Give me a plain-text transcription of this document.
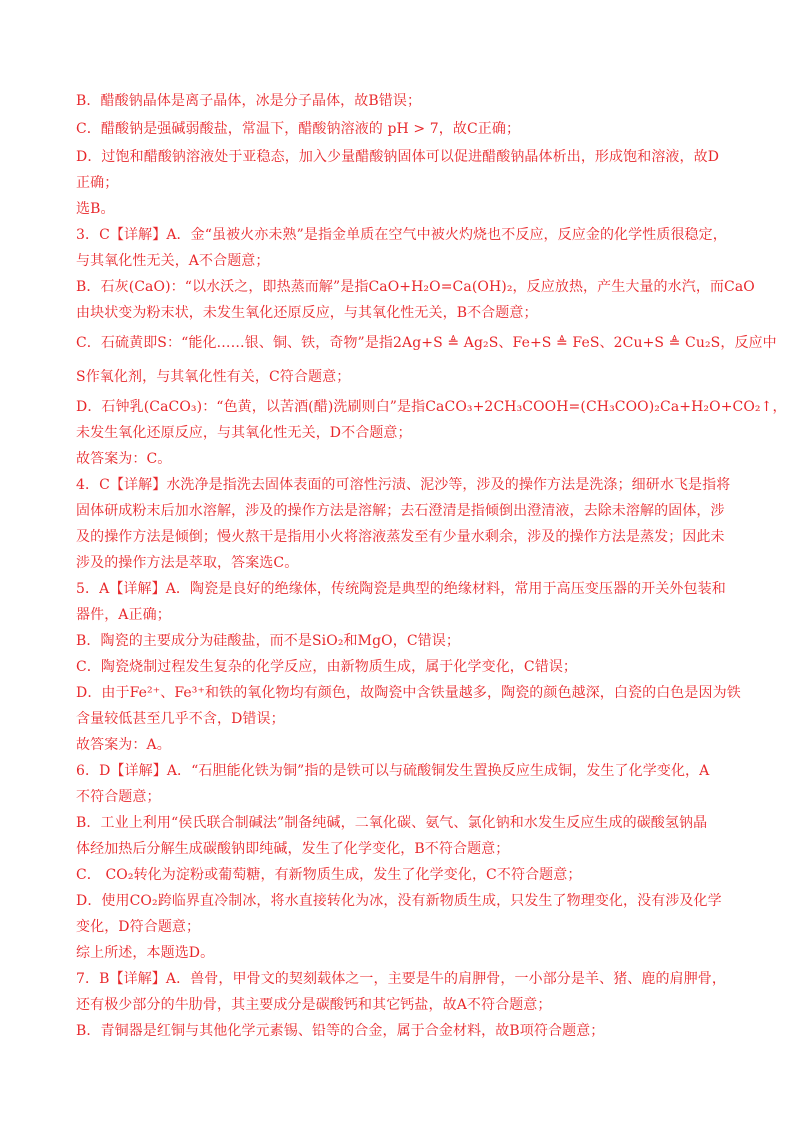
B．醋酸钠晶体是离子晶体，冰是分子晶体，故B错误；
C．醋酸钠是强碱弱酸盐，常温下，醋酸钠溶液的 pH > 7，故C正确；
D．过饱和醋酸钠溶液处于亚稳态，加入少量醋酸钠固体可以促进醋酸钠晶体析出，形成饱和溶液，故D
正确；
选B。
3．C【详解】A．金“虽被火亦未熟”是指金单质在空气中被火灼烧也不反应，反应金的化学性质很稳定，
与其氧化性无关，A不合题意；
B．石灰(CaO)：“以水沃之，即热蒸而解”是指CaO+H₂O=Ca(OH)₂，反应放热，产生大量的水汽，而CaO
由块状变为粉末状，未发生氧化还原反应，与其氧化性无关，B不合题意；
C．石硫黄即S：“能化……银、铜、铁，奇物”是指2Ag+S ≜ Ag₂S、Fe+S ≜ FeS、2Cu+S ≜ Cu₂S，反应中
S作氧化剂，与其氧化性有关，C符合题意；
D．石钟乳(CaCO₃)：“色黄，以苦酒(醋)洗刷则白”是指CaCO₃+2CH₃COOH=(CH₃COO)₂Ca+H₂O+CO₂↑，
未发生氧化还原反应，与其氧化性无关，D不合题意；
故答案为：C。
4．C【详解】水洗净是指洗去固体表面的可溶性污渍、泥沙等，涉及的操作方法是洗涤；细研水飞是指将
固体研成粉末后加水溶解，涉及的操作方法是溶解；去石澄清是指倾倒出澄清液，去除未溶解的固体，涉
及的操作方法是倾倒；慢火熬干是指用小火将溶液蒸发至有少量水剩余，涉及的操作方法是蒸发；因此未
涉及的操作方法是萃取，答案选C。
5．A【详解】A．陶瓷是良好的绝缘体，传统陶瓷是典型的绝缘材料，常用于高压变压器的开关外包装和
器件，A正确；
B．陶瓷的主要成分为硅酸盐，而不是SiO₂和MgO，C错误；
C．陶瓷烧制过程发生复杂的化学反应，由新物质生成，属于化学变化，C错误；
D．由于Fe²⁺、Fe³⁺和铁的氧化物均有颜色，故陶瓷中含铁量越多，陶瓷的颜色越深，白瓷的白色是因为铁
含量较低甚至几乎不含，D错误；
故答案为：A。
6．D【详解】A．“石胆能化铁为铜”指的是铁可以与硫酸铜发生置换反应生成铜，发生了化学变化，A
不符合题意；
B．工业上利用“侯氏联合制碱法”制备纯碱，二氧化碳、氨气、氯化钠和水发生反应生成的碳酸氢钠晶
体经加热后分解生成碳酸钠即纯碱，发生了化学变化，B不符合题意；
C． CO₂转化为淀粉或葡萄糖，有新物质生成，发生了化学变化，C不符合题意；
D．使用CO₂跨临界直冷制冰，将水直接转化为冰，没有新物质生成，只发生了物理变化，没有涉及化学
变化，D符合题意；
综上所述，本题选D。
7．B【详解】A．兽骨，甲骨文的契刻载体之一，主要是牛的肩胛骨，一小部分是羊、猪、鹿的肩胛骨，
还有极少部分的牛肋骨，其主要成分是碳酸钙和其它钙盐，故A不符合题意；
B．青铜器是红铜与其他化学元素锡、铅等的合金，属于合金材料，故B项符合题意；
